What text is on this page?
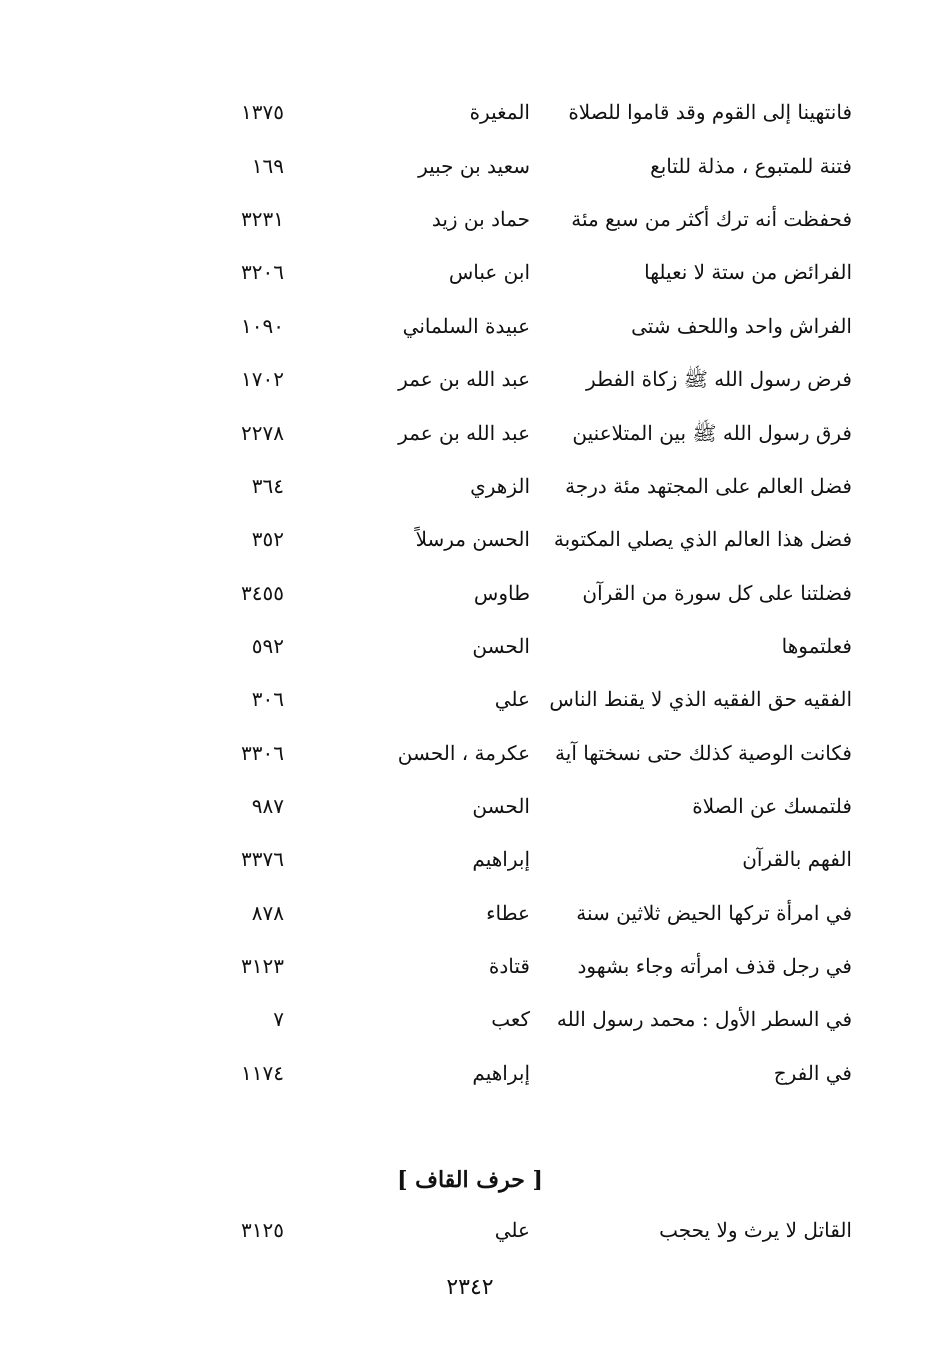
فانتهينا إلى القوم وقد قاموا للصلاة
المغيرة
١٣٧٥
فتنة للمتبوع ، مذلة للتابع
سعيد بن جبير
١٦٩
فحفظت أنه ترك أكثر من سبع مئة
حماد بن زيد
٣٢٣١
الفرائض من ستة لا نعيلها
ابن عباس
٣٢٠٦
الفراش واحد واللحف شتى
عبيدة السلماني
١٠٩٠
فرض رسول الله ﷺ زكاة الفطر
عبد الله بن عمر
١٧٠٢
فرق رسول الله ﷺ بين المتلاعنين
عبد الله بن عمر
٢٢٧٨
فضل العالم على المجتهد مئة درجة
الزهري
٣٦٤
فضل هذا العالم الذي يصلي المكتوبة
الحسن مرسلاً
٣٥٢
فضلتنا على كل سورة من القرآن
طاوس
٣٤٥٥
فعلتموها
الحسن
٥٩٢
الفقيه حق الفقيه الذي لا يقنط الناس
علي
٣٠٦
فكانت الوصية كذلك حتى نسختها آية
عكرمة ، الحسن
٣٣٠٦
فلتمسك عن الصلاة
الحسن
٩٨٧
الفهم بالقرآن
إبراهيم
٣٣٧٦
في امرأة تركها الحيض ثلاثين سنة
عطاء
٨٧٨
في رجل قذف امرأته وجاء بشهود
قتادة
٣١٢٣
في السطر الأول : محمد رسول الله
كعب
٧
في الفرج
إبراهيم
١١٧٤
[ حرف القاف ]
القاتل لا يرث ولا يحجب
علي
٣١٢٥
٢٣٤٢
